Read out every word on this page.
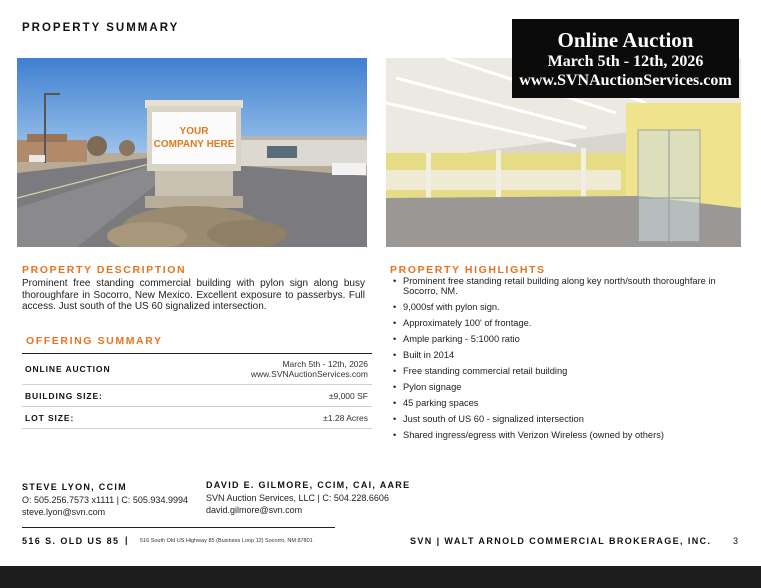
PROPERTY SUMMARY
YOUR
COMPANY HERE
Online Auction
March 5th - 12th, 2026
www.SVNAuctionServices.com
PROPERTY DESCRIPTION
Prominent free standing commercial building with pylon sign along busy thoroughfare in Socorro, New Mexico. Excellent exposure to passerbys. Full access. Just south of the US 60 signalized intersection.
OFFERING SUMMARY
ONLINE AUCTION	March 5th - 12th, 2026
www.SVNAuctionServices.com
BUILDING SIZE:	±9,000 SF
LOT SIZE:	±1.28 Acres
PROPERTY HIGHLIGHTS
• Prominent free standing retail building along key north/south thoroughfare in Socorro, NM.
• 9,000sf with pylon sign.
• Approximately 100' of frontage.
• Ample parking - 5:1000 ratio
• Built in 2014
• Free standing commercial retail building
• Pylon signage
• 45 parking spaces
• Just south of US 60 - signalized intersection
• Shared ingress/egress with Verizon Wireless (owned by others)
STEVE LYON, CCIM
O: 505.256.7573 x1111 | C: 505.934.9994
steve.lyon@svn.com
DAVID E. GILMORE, CCIM, CAI, AARE
SVN Auction Services, LLC | C: 504.228.6606
david.gilmore@svn.com
516 S. OLD US 85 | 516 South Old US Highway 85 (Business Loop 12) Socorro, NM 87801	SVN | WALT ARNOLD COMMERCIAL BROKERAGE, INC. 3
